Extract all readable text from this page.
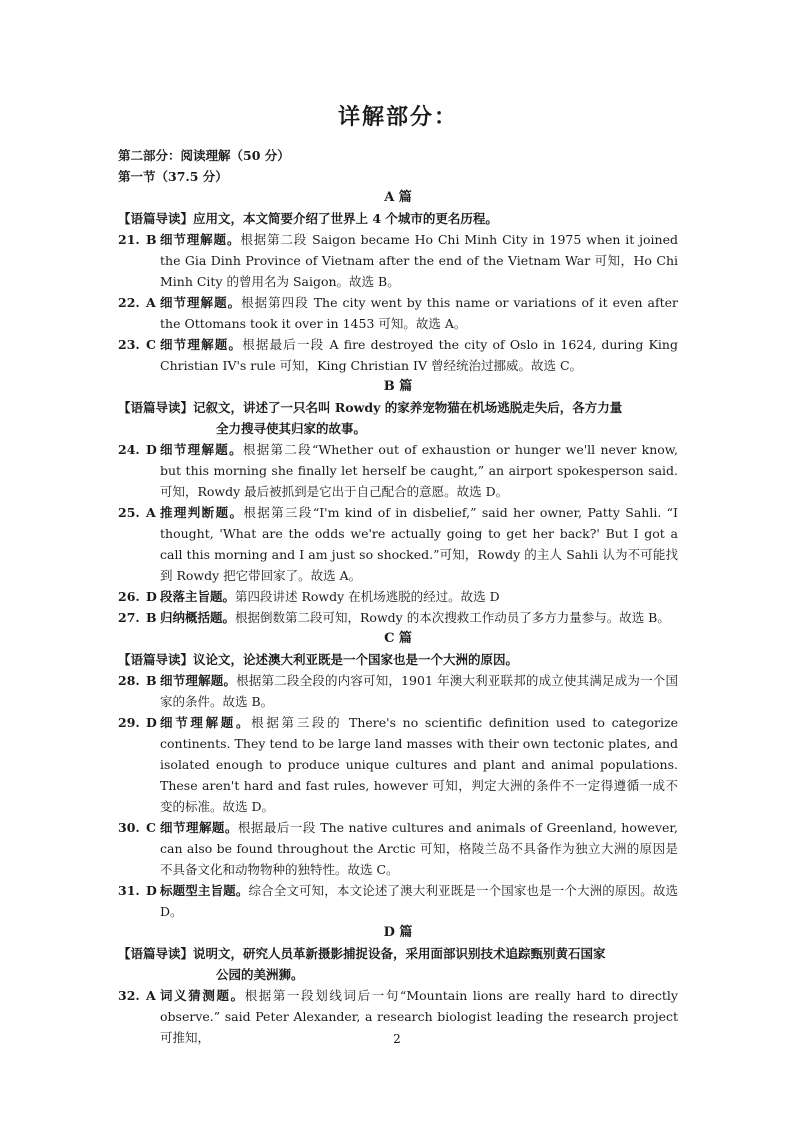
详解部分：
第二部分：阅读理解（50 分）
第一节（37.5 分）
A 篇
【语篇导读】应用文，本文简要介绍了世界上 4 个城市的更名历程。
21. B 细节理解题。根据第二段 Saigon became Ho Chi Minh City in 1975 when it joined the Gia Dinh Province of Vietnam after the end of the Vietnam War 可知，Ho Chi Minh City 的曾用名为 Saigon。故选 B。
22. A 细节理解题。根据第四段 The city went by this name or variations of it even after the Ottomans took it over in 1453 可知。故选 A。
23. C 细节理解题。根据最后一段 A fire destroyed the city of Oslo in 1624, during King Christian IV's rule 可知，King Christian IV 曾经统治过挪威。故选 C。
B 篇
【语篇导读】记叙文，讲述了一只名叫 Rowdy 的家养宠物猫在机场逃脱走失后，各方力量
全力搜寻使其归家的故事。
24. D 细节理解题。根据第二段“Whether out of exhaustion or hunger we'll never know, but this morning she finally let herself be caught,” an airport spokesperson said.可知，Rowdy 最后被抓到是它出于自己配合的意愿。故选 D。
25. A 推理判断题。根据第三段“I'm kind of in disbelief,” said her owner, Patty Sahli. “I thought, 'What are the odds we're actually going to get her back?' But I got a call this morning and I am just so shocked.”可知，Rowdy 的主人 Sahli 认为不可能找到 Rowdy 把它带回家了。故选 A。
26. D 段落主旨题。第四段讲述 Rowdy 在机场逃脱的经过。故选 D
27. B 归纳概括题。根据倒数第二段可知，Rowdy 的本次搜救工作动员了多方力量参与。故选 B。
C 篇
【语篇导读】议论文，论述澳大利亚既是一个国家也是一个大洲的原因。
28. B 细节理解题。根据第二段全段的内容可知，1901 年澳大利亚联邦的成立使其满足成为一个国家的条件。故选 B。
29. D 细节理解题。根据第三段的 There's no scientific definition used to categorize continents. They tend to be large land masses with their own tectonic plates, and isolated enough to produce unique cultures and plant and animal populations. These aren't hard and fast rules, however 可知，判定大洲的条件不一定得遵循一成不变的标准。故选 D。
30. C 细节理解题。根据最后一段 The native cultures and animals of Greenland, however, can also be found throughout the Arctic 可知，格陵兰岛不具备作为独立大洲的原因是不具备文化和动物物种的独特性。故选 C。
31. D 标题型主旨题。综合全文可知，本文论述了澳大利亚既是一个国家也是一个大洲的原因。故选 D。
D 篇
【语篇导读】说明文，研究人员革新摄影捕捉设备，采用面部识别技术追踪甄别黄石国家
公园的美洲狮。
32. A 词义猜测题。根据第一段划线词后一句“Mountain lions are really hard to directly observe.” said Peter Alexander, a research biologist leading the research project 可推知，	2
